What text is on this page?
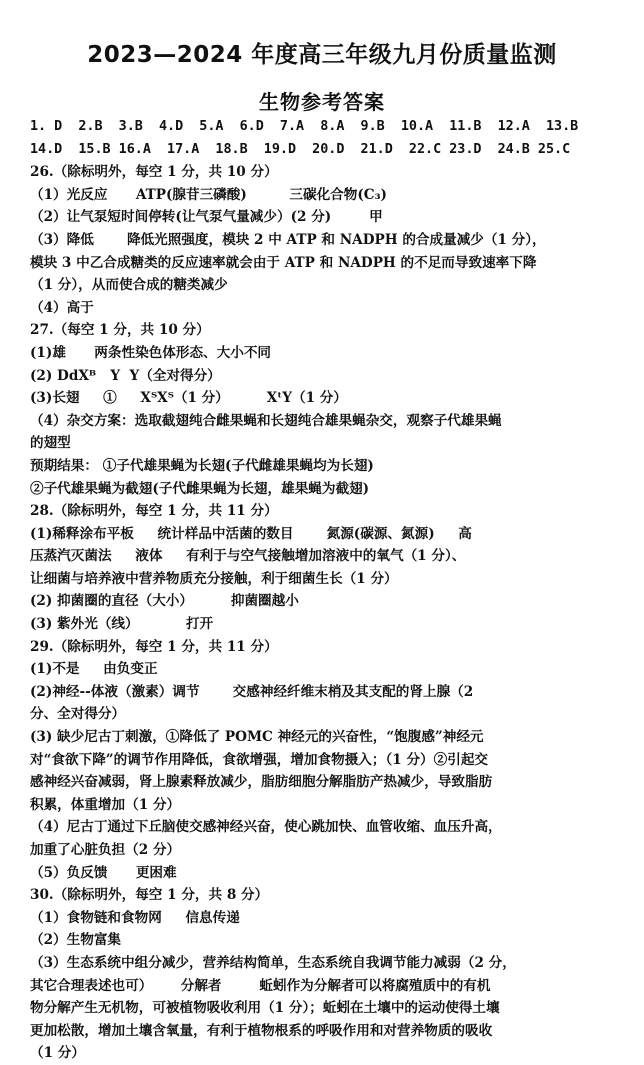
2023—2024 年度高三年级九月份质量监测
生物参考答案
1. D  2.B  3.B  4.D  5.A  6.D  7.A  8.A  9.B  10.A  11.B  12.A  13.B
14.D  15.B 16.A  17.A  18.B  19.D  20.D  21.D  22.C 23.D  24.B 25.C
26.（除标明外，每空 1 分，共 10 分）
（1）光反应      ATP(腺苷三磷酸)         三碳化合物(C₃)
（2）让气泵短时间停转(让气泵气量减少）(2 分)        甲
（3）降低       降低光照强度，模块 2 中 ATP 和 NADPH 的合成量减少（1 分），
模块 3 中乙合成糖类的反应速率就会由于 ATP 和 NADPH 的不足而导致速率下降
（1 分），从而使合成的糖类减少
（4）高于
27.（每空 1 分，共 10 分）
(1)雄      两条性染色体形态、大小不同
(2) DdXᴮ   Y  Y（全对得分）
(3)长翅     ①     XᵀXᵀ（1 分）        XᵗY（1 分）
（4）杂交方案：选取截翅纯合雌果蝇和长翅纯合雄果蝇杂交，观察子代雄果蝇
的翅型
预期结果： ①子代雄果蝇为长翅(子代雌雄果蝇均为长翅)
②子代雄果蝇为截翅(子代雌果蝇为长翅，雄果蝇为截翅)
28.（除标明外，每空 1 分，共 11 分）
(1)稀释涂布平板     统计样品中活菌的数目       氮源(碳源、氮源)     高
压蒸汽灭菌法     液体     有利于与空气接触增加溶液中的氧气（1 分）、
让细菌与培养液中营养物质充分接触，利于细菌生长（1 分）
(2) 抑菌圈的直径（大小）        抑菌圈越小
(3) 紫外光（线）          打开
29.（除标明外，每空 1 分，共 11 分）
(1)不是     由负变正
(2)神经--体液（激素）调节       交感神经纤维末梢及其支配的肾上腺（2
分、全对得分）
(3) 缺少尼古丁刺激，①降低了 POMC 神经元的兴奋性，“饱腹感”神经元
对“食欲下降”的调节作用降低，食欲增强，增加食物摄入；（1 分）②引起交
感神经兴奋减弱，肾上腺素释放减少，脂肪细胞分解脂肪产热减少，导致脂肪
积累，体重增加（1 分）
（4）尼古丁通过下丘脑使交感神经兴奋，使心跳加快、血管收缩、血压升高，
加重了心脏负担（2 分）
（5）负反馈      更困难
30.（除标明外，每空 1 分，共 8 分）
（1）食物链和食物网     信息传递
（2）生物富集
（3）生态系统中组分减少，营养结构简单，生态系统自我调节能力减弱（2 分，
其它合理表述也可）      分解者        蚯蚓作为分解者可以将腐殖质中的有机
物分解产生无机物，可被植物吸收利用（1 分）；蚯蚓在土壤中的运动使得土壤
更加松散，增加土壤含氧量，有利于植物根系的呼吸作用和对营养物质的吸收
（1 分）
